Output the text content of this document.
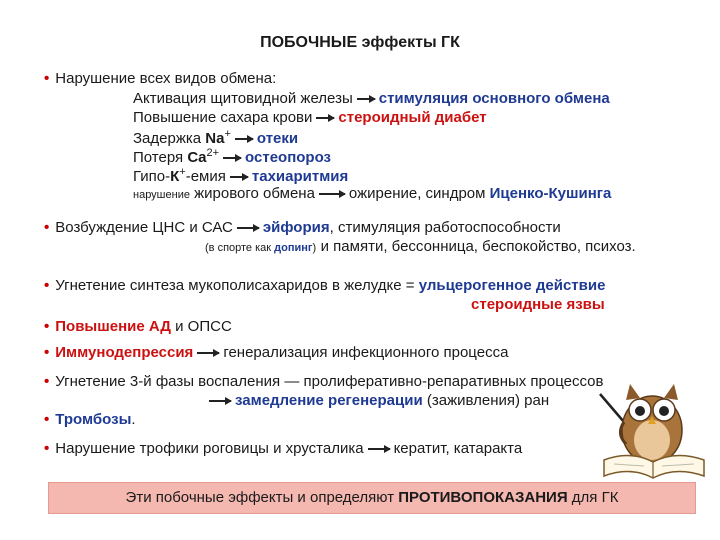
ПОБОЧНЫЕ эффекты ГК
• Нарушение всех видов обмена:
Активация щитовидной железы стимуляция основного обмена
Повышение сахара крови стероидный диабет
Задержка Na+ отеки
Потеря $Ca^{2+}$ остеопороз
Гипо-К+-емия тахиаритмия
нарушение жирового обмена ожирение, синдром Иценко-Кушинга
• Возбуждение ЦНС и САС эйфория, стимуляция работоспособности
(в спорте как допинг) и памяти, бессонница, беспокойство, психоз.
• Угнетение синтеза мукополисахаридов в желудке = ульцерогенное действие
стероидные язвы
• Повышение АД и ОПСС
• Иммунодепрессия генерализация инфекционного процесса
• Угнетение 3-й фазы воспаления — пролиферативно-репаративных процессов
замедление регенерации (заживления) ран
• Тромбозы.
• Нарушение трофики роговицы и хрусталика кератит, катаракта
Эти побочные эффекты и определяют ПРОТИВОПОКАЗАНИЯ для ГК
